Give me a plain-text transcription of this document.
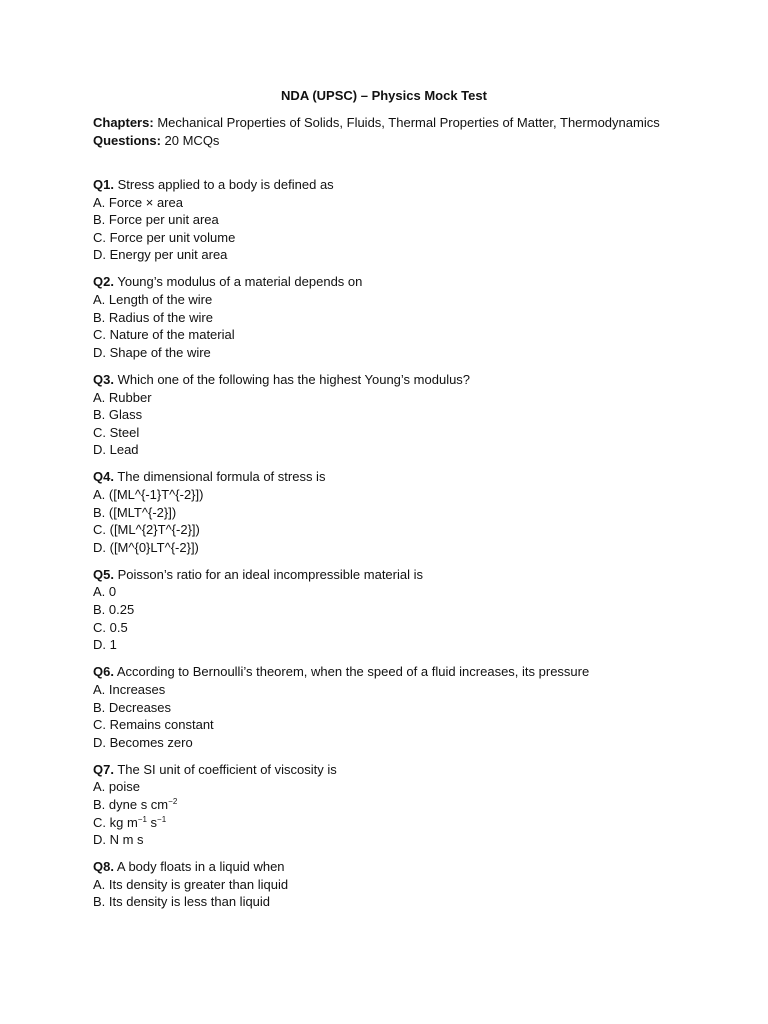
NDA (UPSC) – Physics Mock Test
Chapters: Mechanical Properties of Solids, Fluids, Thermal Properties of Matter, Thermodynamics
Questions: 20 MCQs
Q1. Stress applied to a body is defined as
A. Force × area
B. Force per unit area
C. Force per unit volume
D. Energy per unit area
Q2. Young’s modulus of a material depends on
A. Length of the wire
B. Radius of the wire
C. Nature of the material
D. Shape of the wire
Q3. Which one of the following has the highest Young’s modulus?
A. Rubber
B. Glass
C. Steel
D. Lead
Q4. The dimensional formula of stress is
A. ([ML^{-1}T^{-2}])
B. ([MLT^{-2}])
C. ([ML^{2}T^{-2}])
D. ([M^{0}LT^{-2}])
Q5. Poisson’s ratio for an ideal incompressible material is
A. 0
B. 0.25
C. 0.5
D. 1
Q6. According to Bernoulli’s theorem, when the speed of a fluid increases, its pressure
A. Increases
B. Decreases
C. Remains constant
D. Becomes zero
Q7. The SI unit of coefficient of viscosity is
A. poise
B. dyne s $cm^{-2}$
C. kg $m^{-1}$ $s^{-1}$
D. N m s
Q8. A body floats in a liquid when
A. Its density is greater than liquid
B. Its density is less than liquid
